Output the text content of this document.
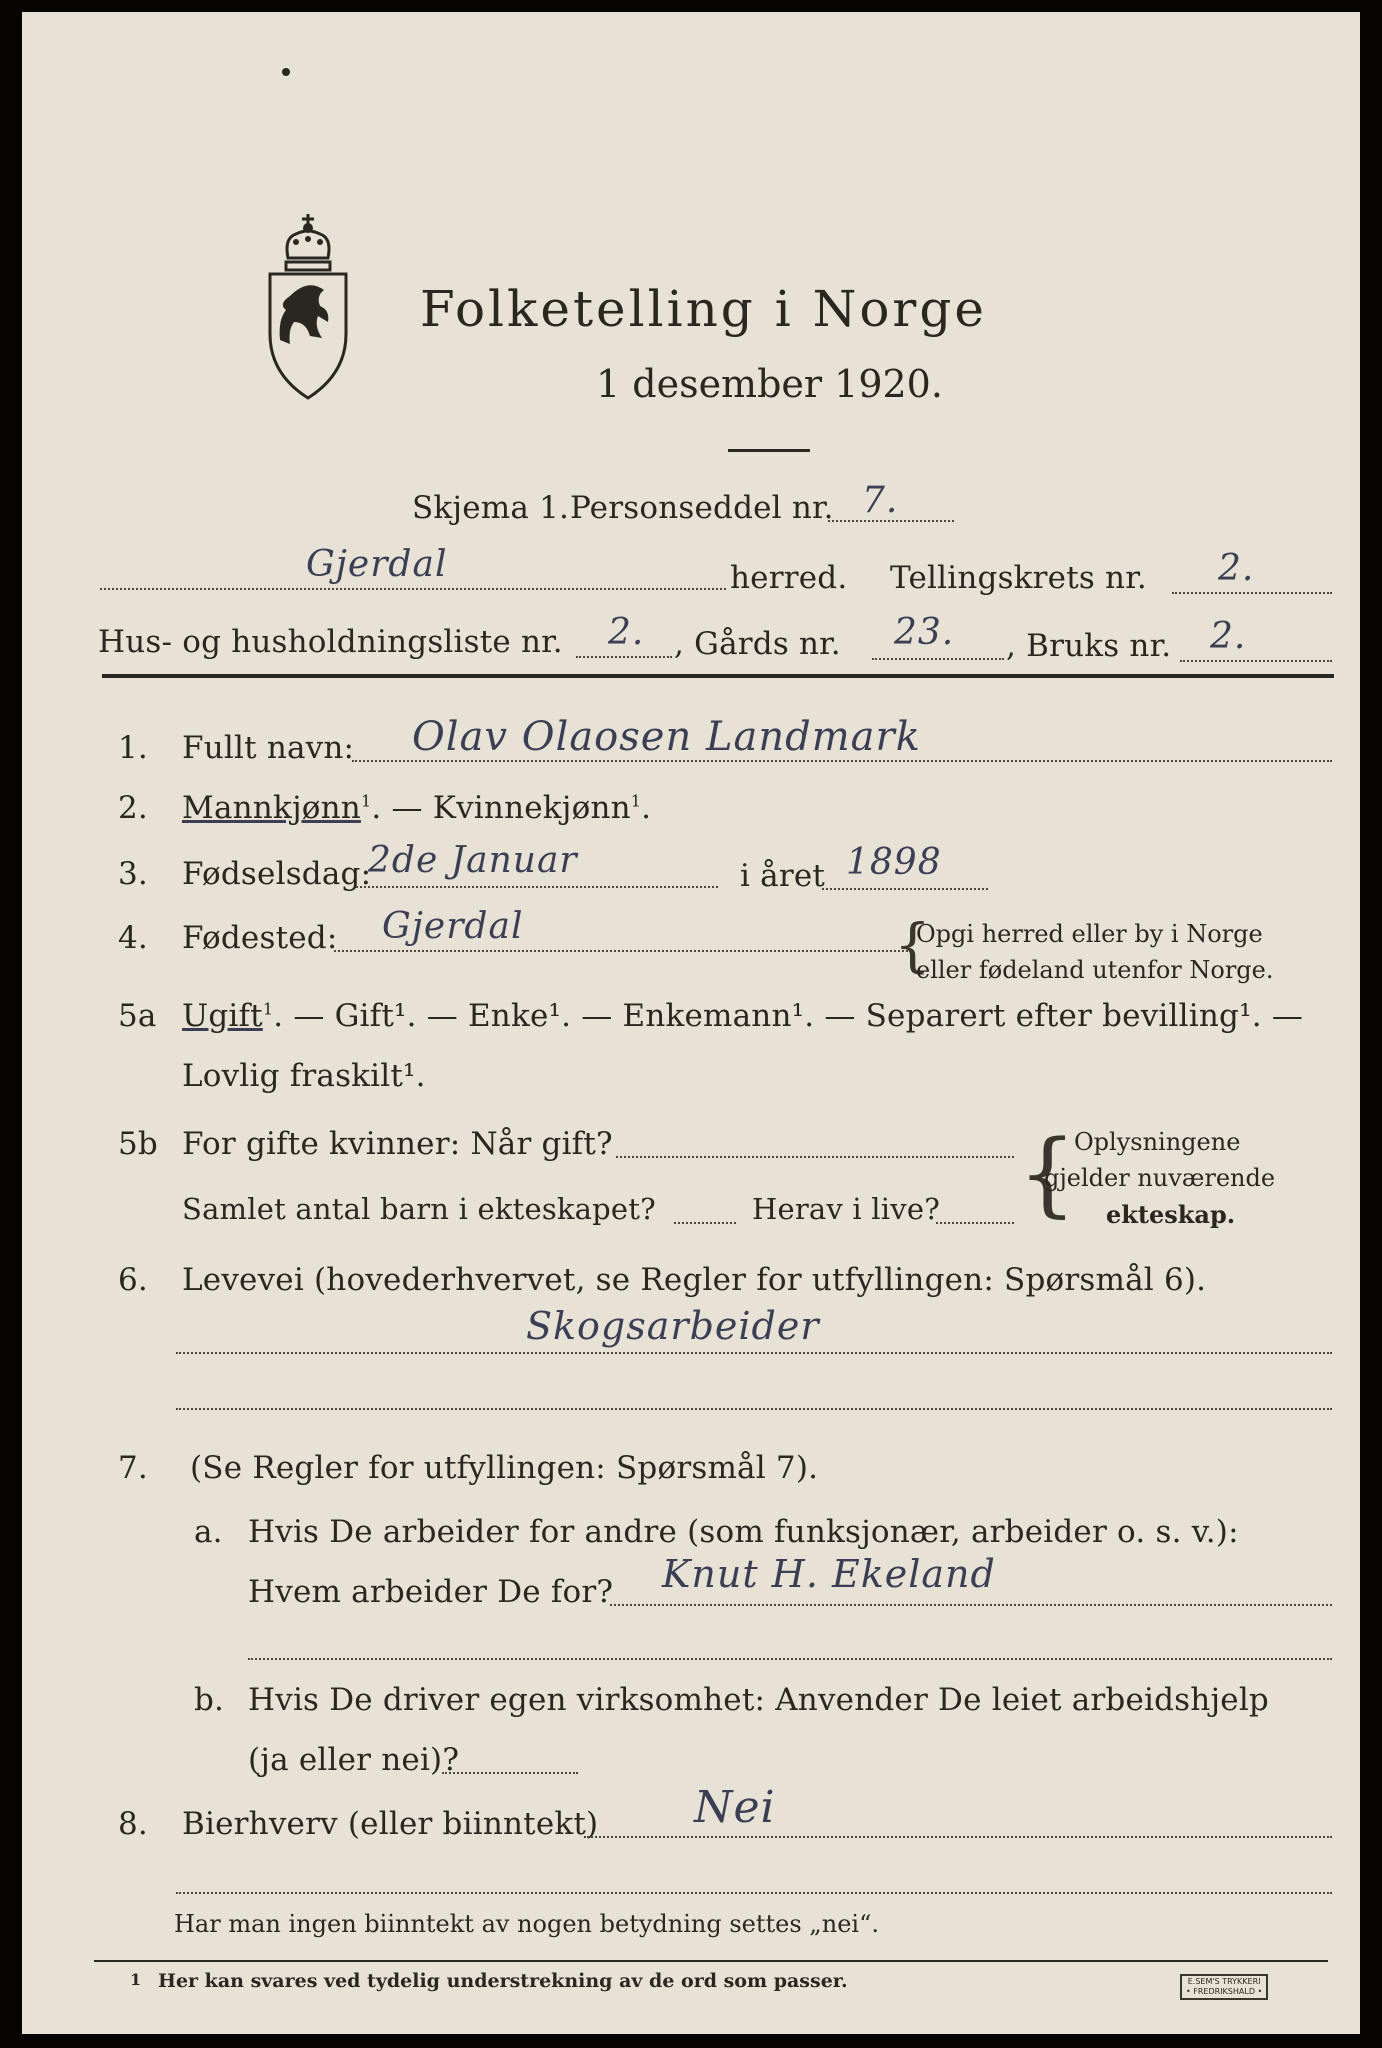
Folketelling i Norge
1 desember 1920.
Skjema 1. Personseddel nr. 7.
Gjerdal	herred. Tellingskrets nr. 2.
Hus- og husholdningsliste nr. 2. , Gårds nr. 23. , Bruks nr. 2.
1. Fullt navn: Olav Olaosen Landmark
2. Mannkjønn$^1$. — Kvinnekjønn$^1$.
3. Fødselsdag:
2de Januar	i året 1898
4. Fødested: Gjerdal	{
Opgi herred eller by i Norge
eller fødeland utenfor Norge.
5a Ugift$^1$. — Gift¹. — Enke¹. — Enkemann¹. — Separert efter bevilling¹. —
Lovlig fraskilt¹.
5b For gifte kvinner: Når gift?
Samlet antal barn i ekteskapet?	Herav i live? {
Oplysningene
gjelder nuværende
ekteskap.
6. Levevei (hovederhvervet, se Regler for utfyllingen: Spørsmål 6).
Skogsarbeider
7. (Se Regler for utfyllingen: Spørsmål 7).
a. Hvis De arbeider for andre (som funksjonær, arbeider o. s. v.):
Hvem arbeider De for? Knut H. Ekeland
b. Hvis De driver egen virksomhet: Anvender De leiet arbeidshjelp
(ja eller nei)?
8. Bierhverv (eller biinntekt) Nei
Har man ingen biinntekt av nogen betydning settes „nei“.
1 Her kan svares ved tydelig understrekning av de ord som passer.	E.SEM'S TRYKKERI
• FREDRIKSHALD •
